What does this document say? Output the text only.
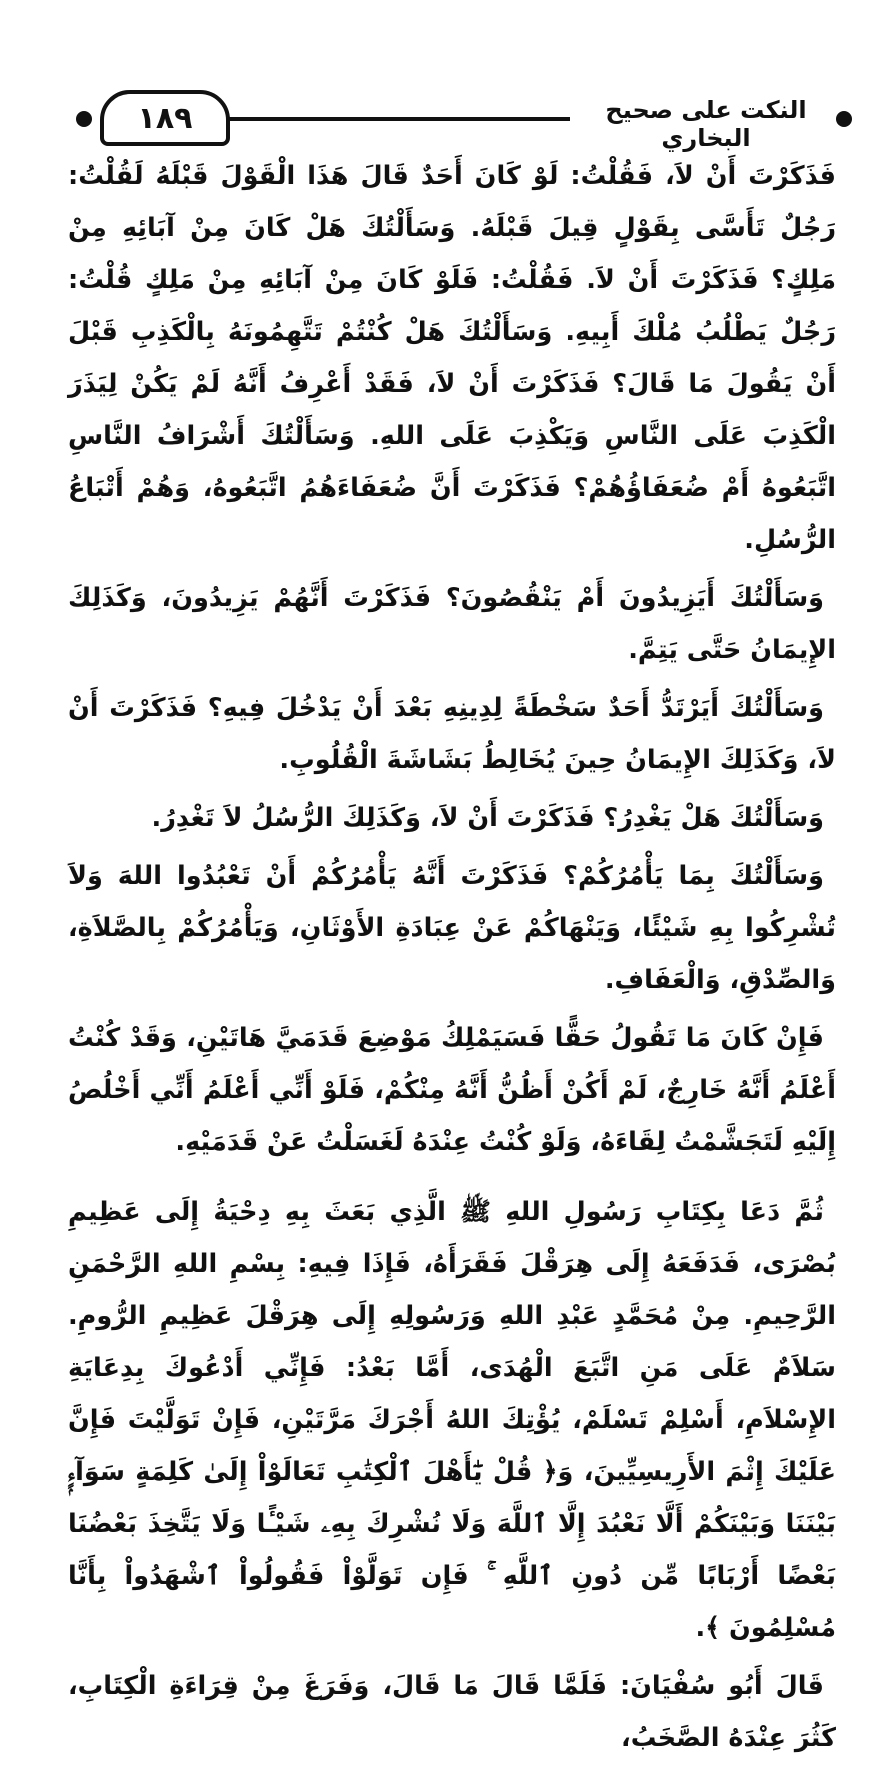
١٨٩	النكت على صحيح البخاري

فَذَكَرْتَ أَنْ لاَ، فَقُلْتُ: لَوْ كَانَ أَحَدٌ قَالَ هَذَا الْقَوْلَ قَبْلَهُ لَقُلْتُ: رَجُلٌ تَأَسَّى بِقَوْلٍ قِيلَ قَبْلَهُ. وَسَأَلْتُكَ هَلْ كَانَ مِنْ آبَائِهِ مِنْ مَلِكٍ؟ فَذَكَرْتَ أَنْ لاَ. فَقُلْتُ: فَلَوْ كَانَ مِنْ آبَائِهِ مِنْ مَلِكٍ قُلْتُ: رَجُلٌ يَطْلُبُ مُلْكَ أَبِيهِ. وَسَأَلْتُكَ هَلْ كُنْتُمْ تَتَّهِمُونَهُ بِالْكَذِبِ قَبْلَ أَنْ يَقُولَ مَا قَالَ؟ فَذَكَرْتَ أَنْ لاَ، فَقَدْ أَعْرِفُ أَنَّهُ لَمْ يَكُنْ لِيَذَرَ الْكَذِبَ عَلَى النَّاسِ وَيَكْذِبَ عَلَى اللهِ. وَسَأَلْتُكَ أَشْرَافُ النَّاسِ اتَّبَعُوهُ أَمْ ضُعَفَاؤُهُمْ؟ فَذَكَرْتَ أَنَّ ضُعَفَاءَهُمُ اتَّبَعُوهُ، وَهُمْ أَتْبَاعُ الرُّسُلِ.

وَسَأَلْتُكَ أَيَزِيدُونَ أَمْ يَنْقُصُونَ؟ فَذَكَرْتَ أَنَّهُمْ يَزِيدُونَ، وَكَذَلِكَ الإِيمَانُ حَتَّى يَتِمَّ.

وَسَأَلْتُكَ أَيَرْتَدُّ أَحَدٌ سَخْطَةً لِدِينِهِ بَعْدَ أَنْ يَدْخُلَ فِيهِ؟ فَذَكَرْتَ أَنْ لاَ، وَكَذَلِكَ الإِيمَانُ حِينَ يُخَالِطُ بَشَاشَةَ الْقُلُوبِ.

وَسَأَلْتُكَ هَلْ يَغْدِرُ؟ فَذَكَرْتَ أَنْ لاَ، وَكَذَلِكَ الرُّسُلُ لاَ تَغْدِرُ.

وَسَأَلْتُكَ بِمَا يَأْمُرُكُمْ؟ فَذَكَرْتَ أَنَّهُ يَأْمُرُكُمْ أَنْ تَعْبُدُوا اللهَ وَلاَ تُشْرِكُوا بِهِ شَيْئًا، وَيَنْهَاكُمْ عَنْ عِبَادَةِ الأَوْثَانِ، وَيَأْمُرُكُمْ بِالصَّلاَةِ، وَالصِّدْقِ، وَالْعَفَافِ.

فَإِنْ كَانَ مَا تَقُولُ حَقًّا فَسَيَمْلِكُ مَوْضِعَ قَدَمَيَّ هَاتَيْنِ، وَقَدْ كُنْتُ أَعْلَمُ أَنَّهُ خَارِجٌ، لَمْ أَكُنْ أَظُنُّ أَنَّهُ مِنْكُمْ، فَلَوْ أَنِّي أَعْلَمُ أَنِّي أَخْلُصُ إِلَيْهِ لَتَجَشَّمْتُ لِقَاءَهُ، وَلَوْ كُنْتُ عِنْدَهُ لَغَسَلْتُ عَنْ قَدَمَيْهِ.

ثُمَّ دَعَا بِكِتَابِ رَسُولِ اللهِ ﷺ الَّذِي بَعَثَ بِهِ دِحْيَةُ إِلَى عَظِيمِ بُصْرَى، فَدَفَعَهُ إِلَى هِرَقْلَ فَقَرَأَهُ، فَإِذَا فِيهِ: بِسْمِ اللهِ الرَّحْمَنِ الرَّحِيمِ. مِنْ مُحَمَّدٍ عَبْدِ اللهِ وَرَسُولِهِ إِلَى هِرَقْلَ عَظِيمِ الرُّومِ. سَلاَمٌ عَلَى مَنِ اتَّبَعَ الْهُدَى، أَمَّا بَعْدُ: فَإِنِّي أَدْعُوكَ بِدِعَايَةِ الإِسْلاَمِ، أَسْلِمْ تَسْلَمْ، يُؤْتِكَ اللهُ أَجْرَكَ مَرَّتَيْنِ، فَإِنْ تَوَلَّيْتَ فَإِنَّ عَلَيْكَ إِثْمَ الأَرِيسِيِّينَ، وَ﴿ قُلْ يَٰٓأَهْلَ ٱلْكِتَٰبِ تَعَالَوْاْ إِلَىٰ كَلِمَةٍ سَوَآءٍۭ بَيْنَنَا وَبَيْنَكُمْ أَلَّا نَعْبُدَ إِلَّا ٱللَّهَ وَلَا نُشْرِكَ بِهِۦ شَيْـًٔا وَلَا يَتَّخِذَ بَعْضُنَا بَعْضًا أَرْبَابًا مِّن دُونِ ٱللَّهِ ۚ فَإِن تَوَلَّوْاْ فَقُولُواْ ٱشْهَدُواْ بِأَنَّا مُسْلِمُونَ ﴾.

قَالَ أَبُو سُفْيَانَ: فَلَمَّا قَالَ مَا قَالَ، وَفَرَغَ مِنْ قِرَاءَةِ الْكِتَابِ، كَثُرَ عِنْدَهُ الصَّخَبُ،
